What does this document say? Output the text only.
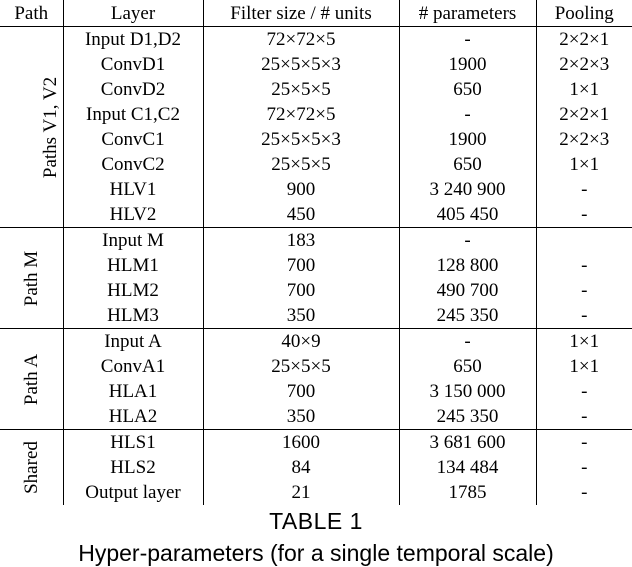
Path	Layer	Filter size / # units	# parameters	Pooling
Paths V1, V2	Input D1,D2	72×72×5	-	2×2×1
	ConvD1	25×5×5×3	1900	2×2×3
	ConvD2	25×5×5	650	1×1
	Input C1,C2	72×72×5	-	2×2×1
	ConvC1	25×5×5×3	1900	2×2×3
	ConvC2	25×5×5	650	1×1
	HLV1	900	3 240 900	-
	HLV2	450	405 450	-
Path M	Input M	183	-	
	HLM1	700	128 800	-
	HLM2	700	490 700	-
	HLM3	350	245 350	-
Path A	Input A	40×9	-	1×1
	ConvA1	25×5×5	650	1×1
	HLA1	700	3 150 000	-
	HLA2	350	245 350	-
Shared	HLS1	1600	3 681 600	-
	HLS2	84	134 484	-
	Output layer	21	1785	-
TABLE 1
Hyper-parameters (for a single temporal scale)
